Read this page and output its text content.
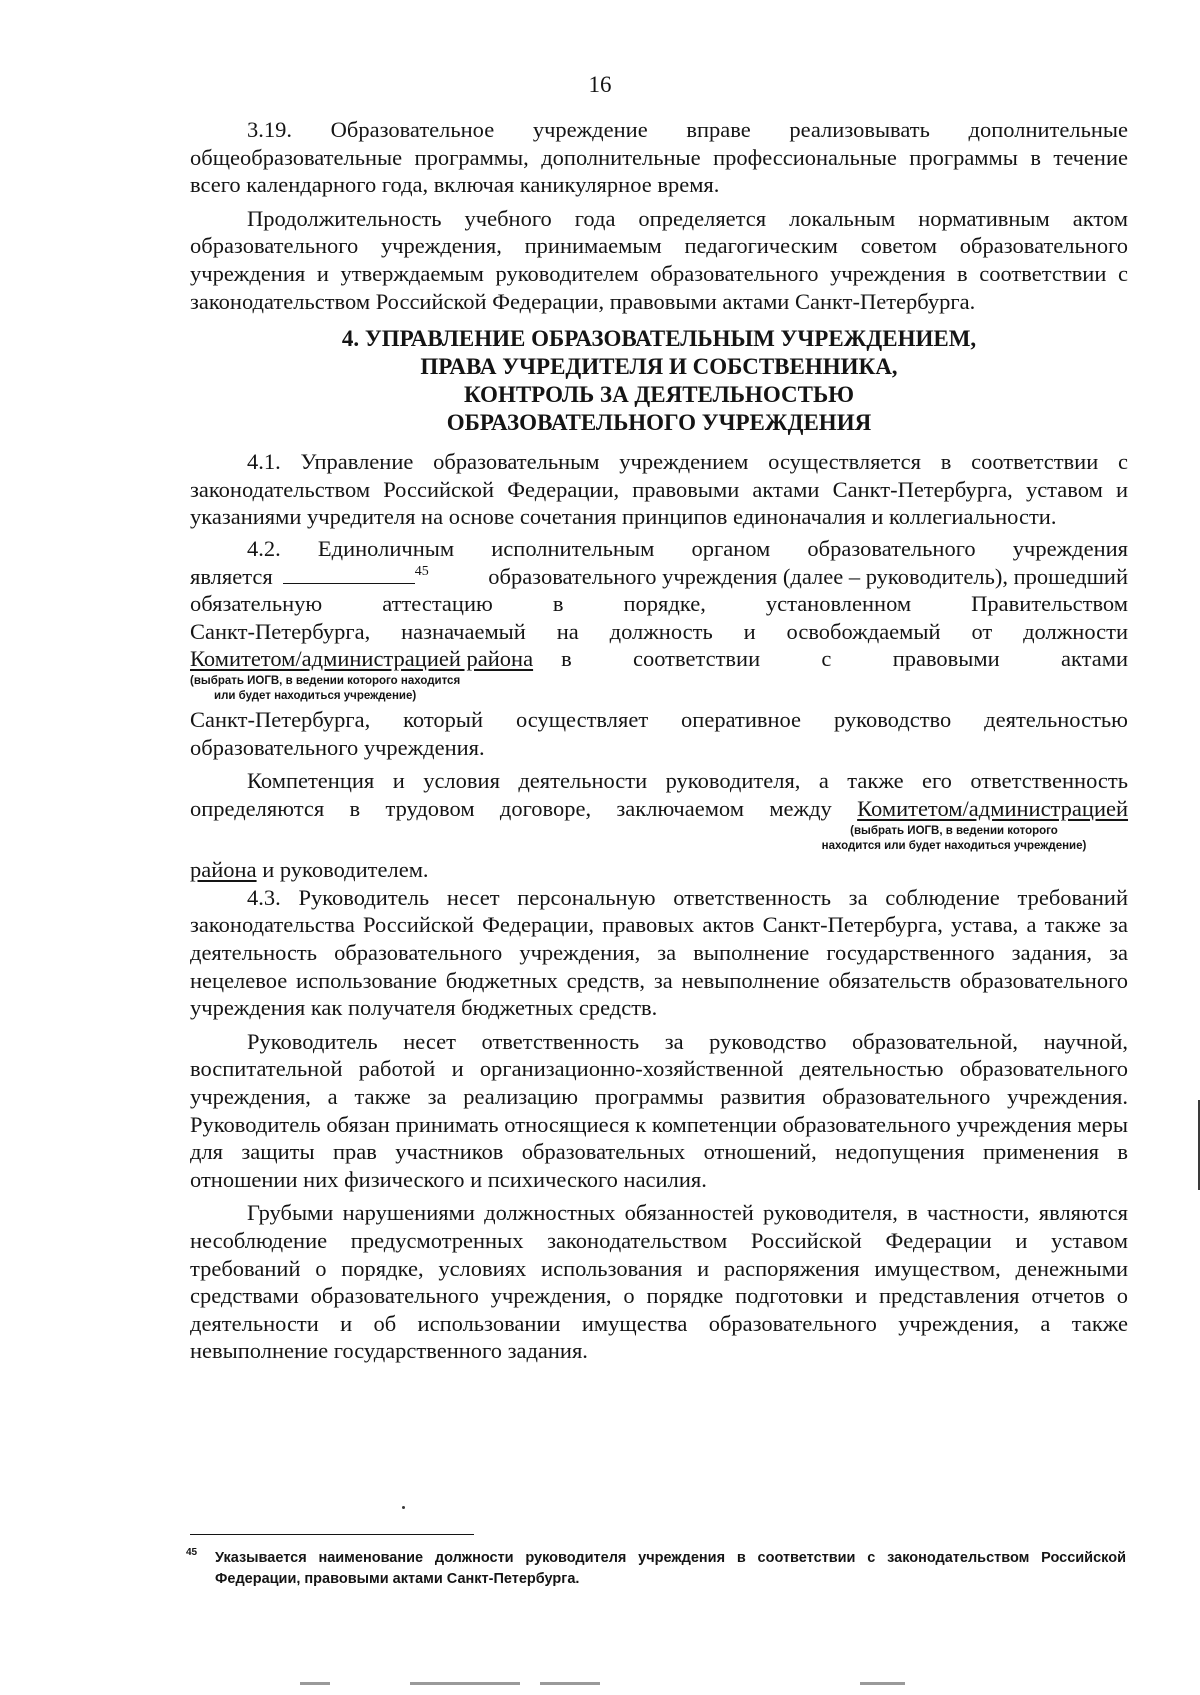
16

3.19. Образовательное учреждение вправе реализовывать дополнительные общеобразовательные программы, дополнительные профессиональные программы в течение всего календарного года, включая каникулярное время.

Продолжительность учебного года определяется локальным нормативным актом образовательного учреждения, принимаемым педагогическим советом образовательного учреждения и утверждаемым руководителем образовательного учреждения в соответствии с законодательством Российской Федерации, правовыми актами Санкт-Петербурга.

4. УПРАВЛЕНИЕ ОБРАЗОВАТЕЛЬНЫМ УЧРЕЖДЕНИЕМ,
ПРАВА УЧРЕДИТЕЛЯ И СОБСТВЕННИКА,
КОНТРОЛЬ ЗА ДЕЯТЕЛЬНОСТЬЮ
ОБРАЗОВАТЕЛЬНОГО УЧРЕЖДЕНИЯ

4.1. Управление образовательным учреждением осуществляется в соответствии с законодательством Российской Федерации, правовыми актами Санкт-Петербурга, уставом и указаниями учредителя на основе сочетания принципов единоначалия и коллегиальности.

4.2. Единоличным исполнительным органом образовательного учреждения

является	$^{45}$	образовательного учреждения (далее – руководитель), прошедший

обязательную аттестацию в порядке, установленном Правительством

Санкт-Петербурга, назначаемый на должность и освобождаемый от должности

Комитетом/администрацией района в соответствии с правовыми актами
(выбрать ИОГВ, в ведении которого находится
или будет находиться учреждение)

Санкт-Петербурга, который осуществляет оперативное руководство деятельностью образовательного учреждения.

Компетенция и условия деятельности руководителя, а также его ответственность определяются в трудовом договоре, заключаемом между Комитетом/администрацией

(выбрать ИОГВ, в ведении которого
находится или будет находиться учреждение)

района и руководителем.

4.3. Руководитель несет персональную ответственность за соблюдение требований законодательства Российской Федерации, правовых актов Санкт-Петербурга, устава, а также за деятельность образовательного учреждения, за выполнение государственного задания, за нецелевое использование бюджетных средств, за невыполнение обязательств образовательного учреждения как получателя бюджетных средств.

Руководитель несет ответственность за руководство образовательной, научной, воспитательной работой и организационно-хозяйственной деятельностью образовательного учреждения, а также за реализацию программы развития образовательного учреждения. Руководитель обязан принимать относящиеся к компетенции образовательного учреждения меры для защиты прав участников образовательных отношений, недопущения применения в отношении них физического и психического насилия.

Грубыми нарушениями должностных обязанностей руководителя, в частности, являются несоблюдение предусмотренных законодательством Российской Федерации и уставом требований о порядке, условиях использования и распоряжения имуществом, денежными средствами образовательного учреждения, о порядке подготовки и представления отчетов о деятельности и об использовании имущества образовательного учреждения, а также невыполнение государственного задания.

45	Указывается наименование должности руководителя учреждения в соответствии с законодательством Российской Федерации, правовыми актами Санкт-Петербурга.
